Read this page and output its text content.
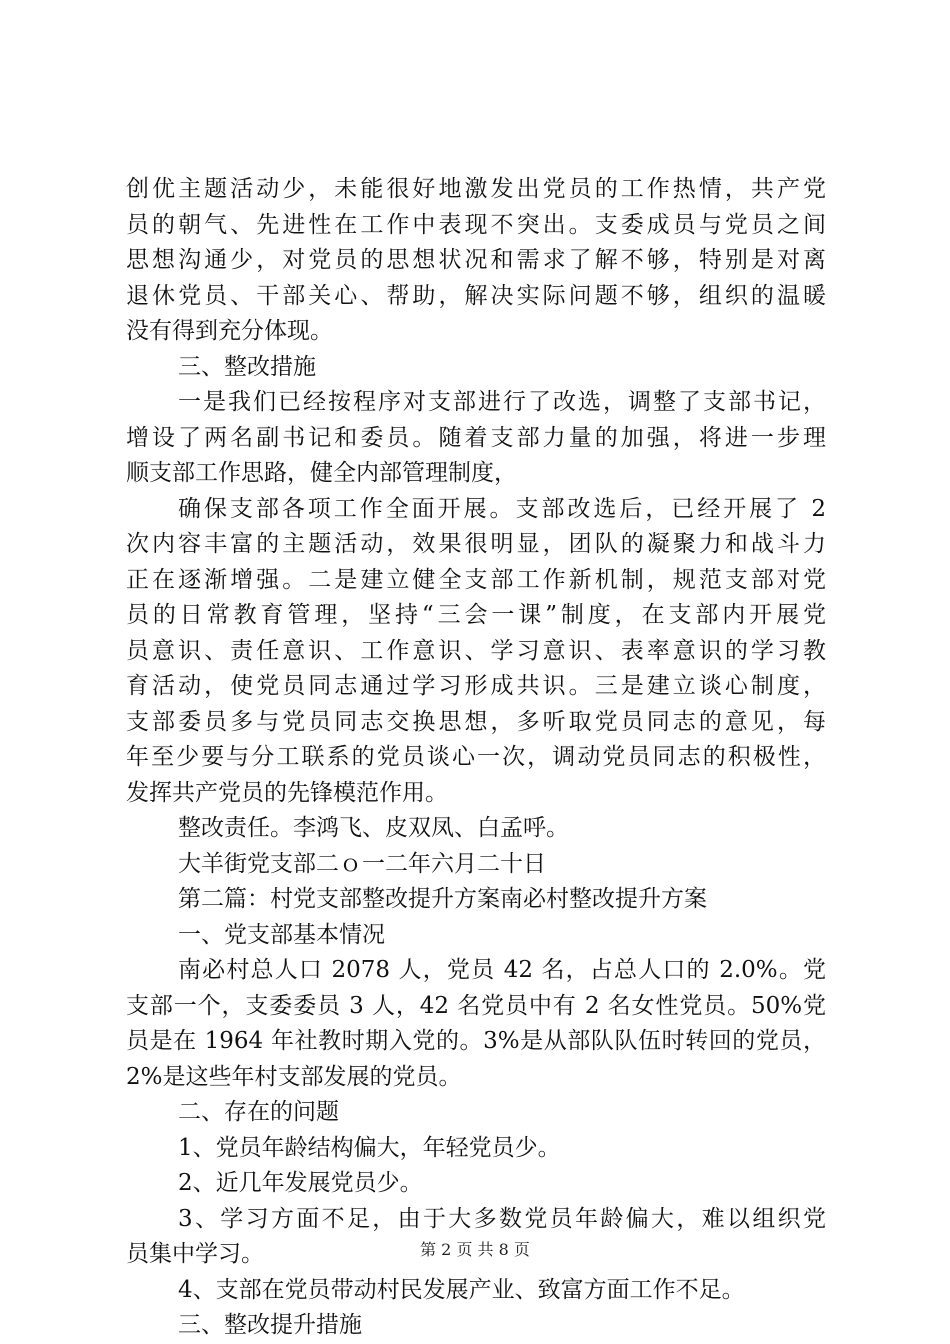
创优主题活动少，未能很好地激发出党员的工作热情，共产党
员的朝气、先进性在工作中表现不突出。支委成员与党员之间
思想沟通少，对党员的思想状况和需求了解不够，特别是对离
退休党员、干部关心、帮助，解决实际问题不够，组织的温暖
没有得到充分体现。
三、整改措施
一是我们已经按程序对支部进行了改选，调整了支部书记，
增设了两名副书记和委员。随着支部力量的加强，将进一步理
顺支部工作思路，健全内部管理制度，
确保支部各项工作全面开展。支部改选后，已经开展了 2
次内容丰富的主题活动，效果很明显，团队的凝聚力和战斗力
正在逐渐增强。二是建立健全支部工作新机制，规范支部对党
员的日常教育管理，坚持“三会一课”制度，在支部内开展党
员意识、责任意识、工作意识、学习意识、表率意识的学习教
育活动，使党员同志通过学习形成共识。三是建立谈心制度，
支部委员多与党员同志交换思想，多听取党员同志的意见，每
年至少要与分工联系的党员谈心一次，调动党员同志的积极性，
发挥共产党员的先锋模范作用。
整改责任。李鸿飞、皮双凤、白孟呼。
大羊街党支部二ｏ一二年六月二十日
第二篇：村党支部整改提升方案南必村整改提升方案
一、党支部基本情况
南必村总人口 2078 人，党员 42 名，占总人口的 2.0%。党
支部一个，支委委员 3 人，42 名党员中有 2 名女性党员。50%党
员是在 1964 年社教时期入党的。3%是从部队队伍时转回的党员，
2%是这些年村支部发展的党员。
二、存在的问题
1、党员年龄结构偏大，年轻党员少。
2、近几年发展党员少。
3、学习方面不足，由于大多数党员年龄偏大，难以组织党
员集中学习。
4、支部在党员带动村民发展产业、致富方面工作不足。
三、整改提升措施
第 2 页 共 8 页
